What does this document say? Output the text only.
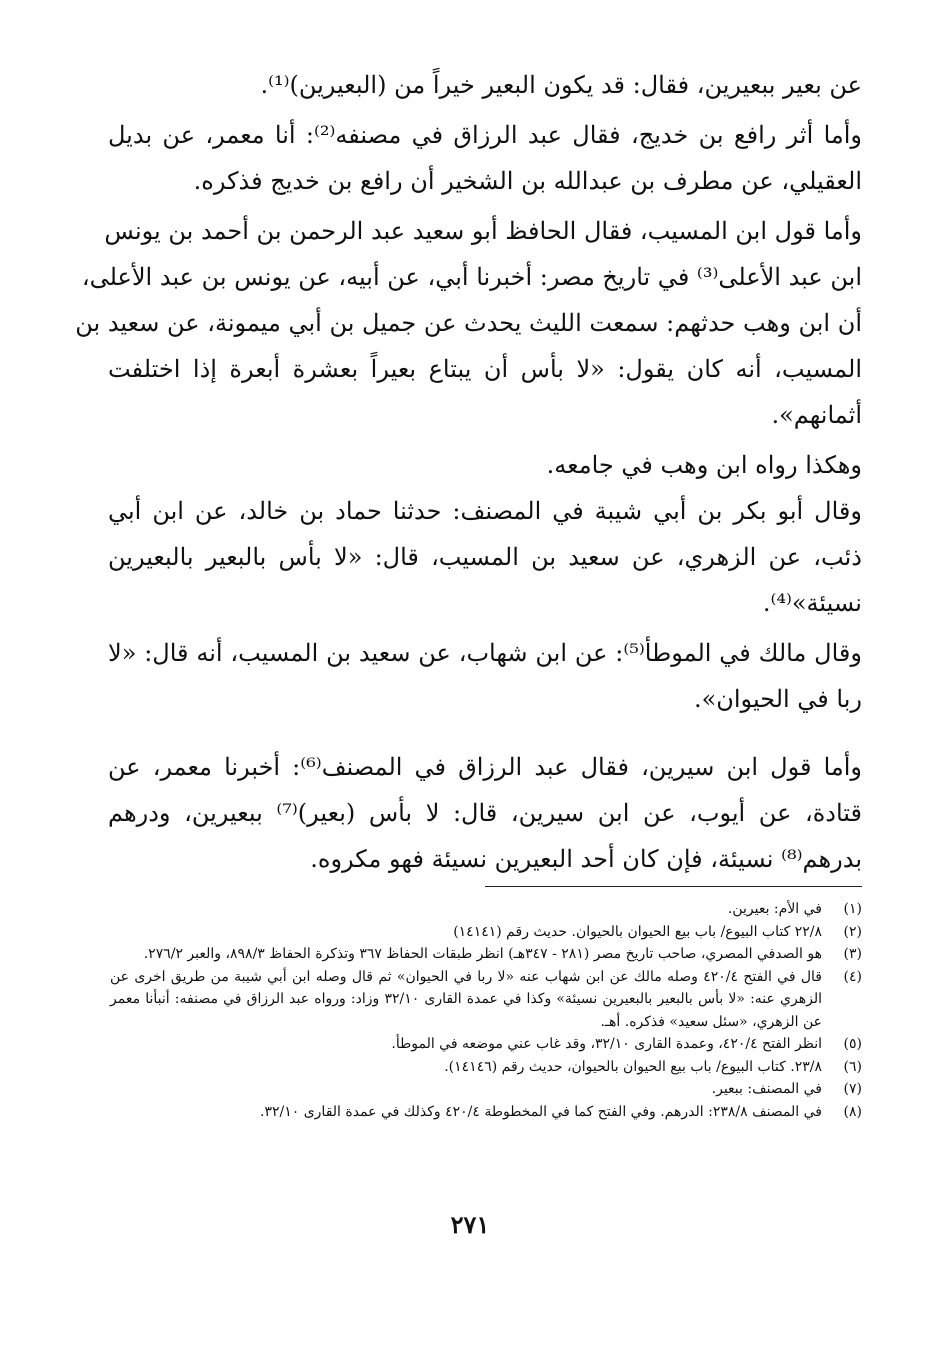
عن بعير ببعيرين، فقال: قد يكون البعير خيراً من (البعيرين)⁽¹⁾.
وأما أثر رافع بن خديج، فقال عبد الرزاق في مصنفه⁽²⁾: أنا معمر، عن بديل
العقيلي، عن مطرف بن عبدالله بن الشخير أن رافع بن خديج فذكره.
وأما قول ابن المسيب، فقال الحافظ أبو سعيد عبد الرحمن بن أحمد بن يونس
ابن عبد الأعلى⁽³⁾ في تاريخ مصر: أخبرنا أبي، عن أبيه، عن يونس بن عبد الأعلى،
أن ابن وهب حدثهم: سمعت الليث يحدث عن جميل بن أبي ميمونة، عن سعيد بن
المسيب، أنه كان يقول: «لا بأس أن يبتاع بعيراً بعشرة أبعرة إذا اختلفت
أثمانهم».
وهكذا رواه ابن وهب في جامعه.
وقال أبو بكر بن أبي شيبة في المصنف: حدثنا حماد بن خالد، عن ابن أبي
ذئب، عن الزهري، عن سعيد بن المسيب، قال: «لا بأس بالبعير بالبعيرين
نسيئة»⁽⁴⁾.
وقال مالك في الموطأ⁽⁵⁾: عن ابن شهاب، عن سعيد بن المسيب، أنه قال: «لا
ربا في الحيوان».
وأما قول ابن سيرين، فقال عبد الرزاق في المصنف⁽⁶⁾: أخبرنا معمر، عن
قتادة، عن أيوب، عن ابن سيرين، قال: لا بأس (بعير)⁽⁷⁾ ببعيرين، ودرهم
بدرهم⁽⁸⁾ نسيئة، فإن كان أحد البعيرين نسيئة فهو مكروه.
(١)
في الأم: بعيرين.
(٢)
٢٢/٨ كتاب البيوع/ باب بيع الحيوان بالحيوان. حديث رقم (١٤١٤١)
(٣)
هو الصدفي المصري، صاحب تاريخ مصر (٢٨١ - ٣٤٧هـ) انظر طبقات الحفاظ ٣٦٧ وتذكرة الحفاظ ٨٩٨/٣، والعبر ٢٧٦/٢.
(٤)
قال في الفتح ٤٢٠/٤ وصله مالك عن ابن شهاب عنه «لا ربا في الحيوان» ثم قال وصله ابن أبي شيبة من طريق اخرى عن الزهري عنه: «لا بأس بالبعير بالبعيرين نسيئة» وكذا في عمدة القارى ٣٢/١٠ وزاد: ورواه عبد الرزاق في مصنفه: أنبأنا معمر عن الزهري، «سئل سعيد» فذكره. أهـ.
(٥)
انظر الفتح ٤٢٠/٤، وعمدة القارى ٣٢/١٠، وقد غاب عني موضعه في الموطأ.
(٦)
٢٣/٨. كتاب البيوع/ باب بيع الحيوان بالحيوان، حديث رقم (١٤١٤٦).
(٧)
في المصنف: ببعير.
(٨)
في المصنف ٢٣٨/٨: الدرهم. وفي الفتح كما في المخطوطة ٤٢٠/٤ وكذلك في عمدة القارى ٣٢/١٠.
٢٧١
